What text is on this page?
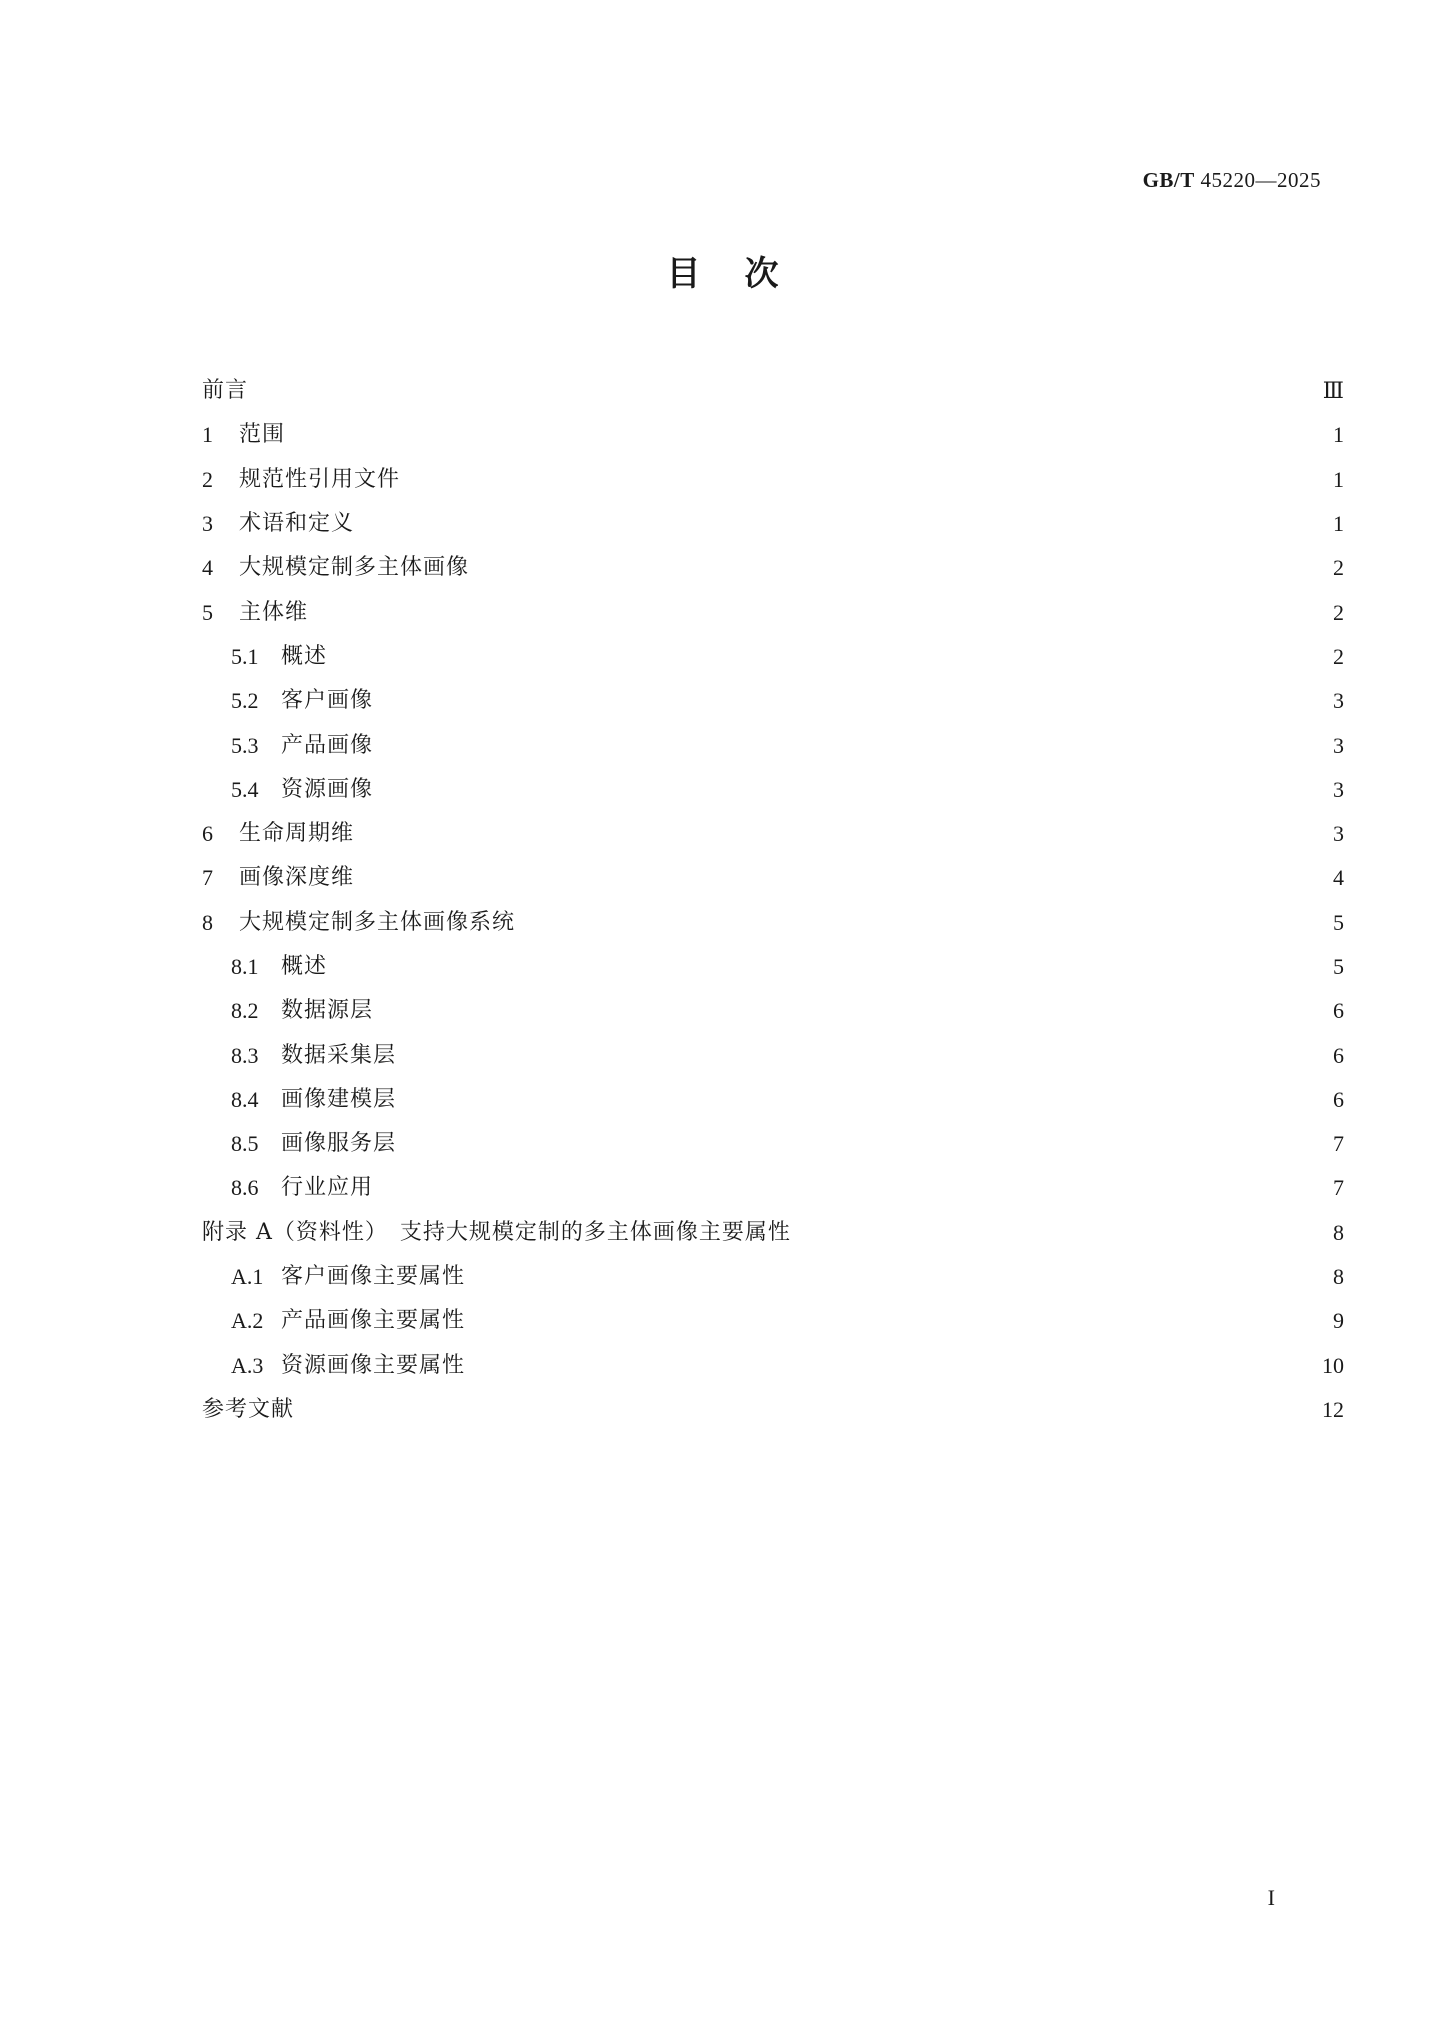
GB/T 45220—2025
目次
前言	Ⅲ
1	范围	1
2	规范性引用文件	1
3	术语和定义	1
4	大规模定制多主体画像	2
5	主体维	2
5.1	概述	2
5.2	客户画像	3
5.3	产品画像	3
5.4	资源画像	3
6	生命周期维	3
7	画像深度维	4
8	大规模定制多主体画像系统	5
8.1	概述	5
8.2	数据源层	6
8.3	数据采集层	6
8.4	画像建模层	6
8.5	画像服务层	7
8.6	行业应用	7
附录 A（资料性）　支持大规模定制的多主体画像主要属性	8
A.1 客户画像主要属性	8
A.2 产品画像主要属性	9
A.3 资源画像主要属性	10
参考文献	12
I
